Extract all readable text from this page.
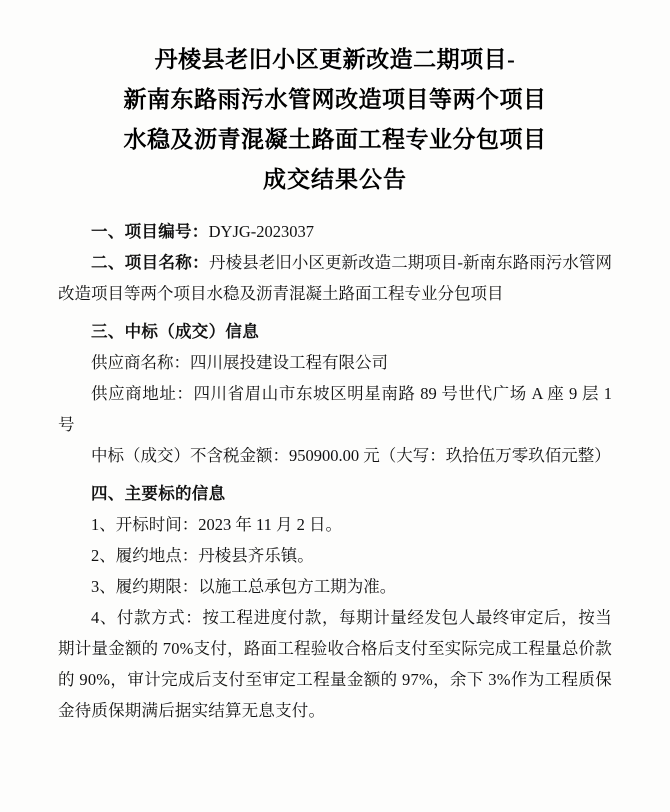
丹棱县老旧小区更新改造二期项目-
新南东路雨污水管网改造项目等两个项目
水稳及沥青混凝土路面工程专业分包项目
成交结果公告

一、项目编号：DYJG-2023037

二、项目名称：丹棱县老旧小区更新改造二期项目-新南东路雨污水管网改造项目等两个项目水稳及沥青混凝土路面工程专业分包项目

三、中标（成交）信息

供应商名称：四川展投建设工程有限公司

供应商地址：四川省眉山市东坡区明星南路 89 号世代广场 A 座 9 层 1 号

中标（成交）不含税金额：950900.00 元（大写：玖拾伍万零玖佰元整）

四、主要标的信息

1、开标时间：2023 年 11 月 2 日。

2、履约地点：丹棱县齐乐镇。

3、履约期限：以施工总承包方工期为准。

4、付款方式：按工程进度付款，每期计量经发包人最终审定后，按当期计量金额的 70%支付，路面工程验收合格后支付至实际完成工程量总价款的 90%，审计完成后支付至审定工程量金额的 97%，余下 3%作为工程质保金待质保期满后据实结算无息支付。
